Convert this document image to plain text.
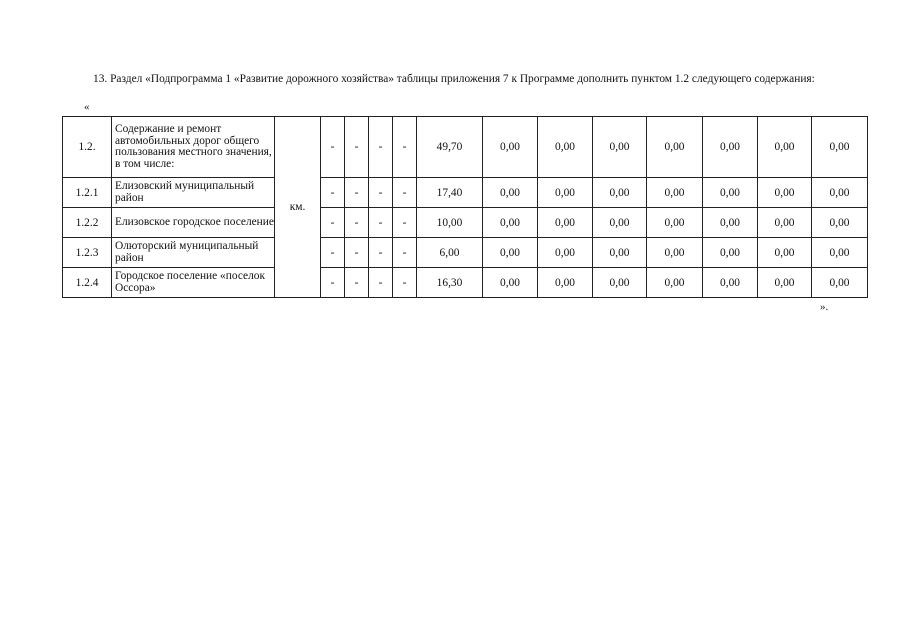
13. Раздел «Подпрограмма 1 «Развитие дорожного хозяйства» таблицы приложения 7 к Программе дополнить пунктом 1.2 следующего содержания:

«
1.2.	Содержание и ремонт автомобильных дорог общего пользования местного значения, в том числе:	км.	-	-	-	-	49,70	0,00	0,00	0,00	0,00	0,00	0,00	0,00
1.2.1	Елизовский муниципальный район		-	-	-	-	17,40	0,00	0,00	0,00	0,00	0,00	0,00	0,00
1.2.2	Елизовское городское поселение		-	-	-	-	10,00	0,00	0,00	0,00	0,00	0,00	0,00	0,00
1.2.3	Олюторский муниципальный район		-	-	-	-	6,00	0,00	0,00	0,00	0,00	0,00	0,00	0,00
1.2.4	Городское поселение «поселок Оссора»		-	-	-	-	16,30	0,00	0,00	0,00	0,00	0,00	0,00	0,00
».
